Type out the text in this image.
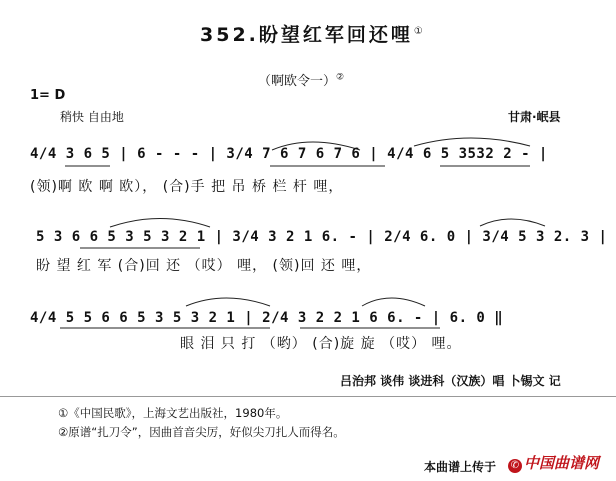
352.盼望红军回还哩①
（啊欧令一）②
1= D
稍快 自由地	甘肃·岷县
4/4 3 6 5 | 6 - - - | 3/4 7 6 7 6 7 6 | 4/4 6 5 3532 2 - |
(领)啊 欧 啊 欧）， (合)手 把 吊 桥 栏 杆 哩，
5 3 6 6 5 3 5 3 2 1 | 3/4 3 2 1 6. - | 2/4 6. 0 | 3/4 5 3 2. 3 |
盼 望 红 军 (合)回 还 （哎） 哩， (领)回 还 哩，
4/4 5 5 6 6 5 3 5 3 2 1 | 2/4 3 2 2 1 6 6. - | 6. 0 ‖
眼 泪 只 打 （哟） (合)旋 旋 （哎） 哩。
吕治邦 谈伟 谈进科（汉族）唱 卜锡文 记
①《中国民歌》，上海文艺出版社，1980年。
②原谱“扎刀令”，因曲首音尖厉，好似尖刀扎人而得名。
本曲谱上传于 ✆ 中国曲谱网
